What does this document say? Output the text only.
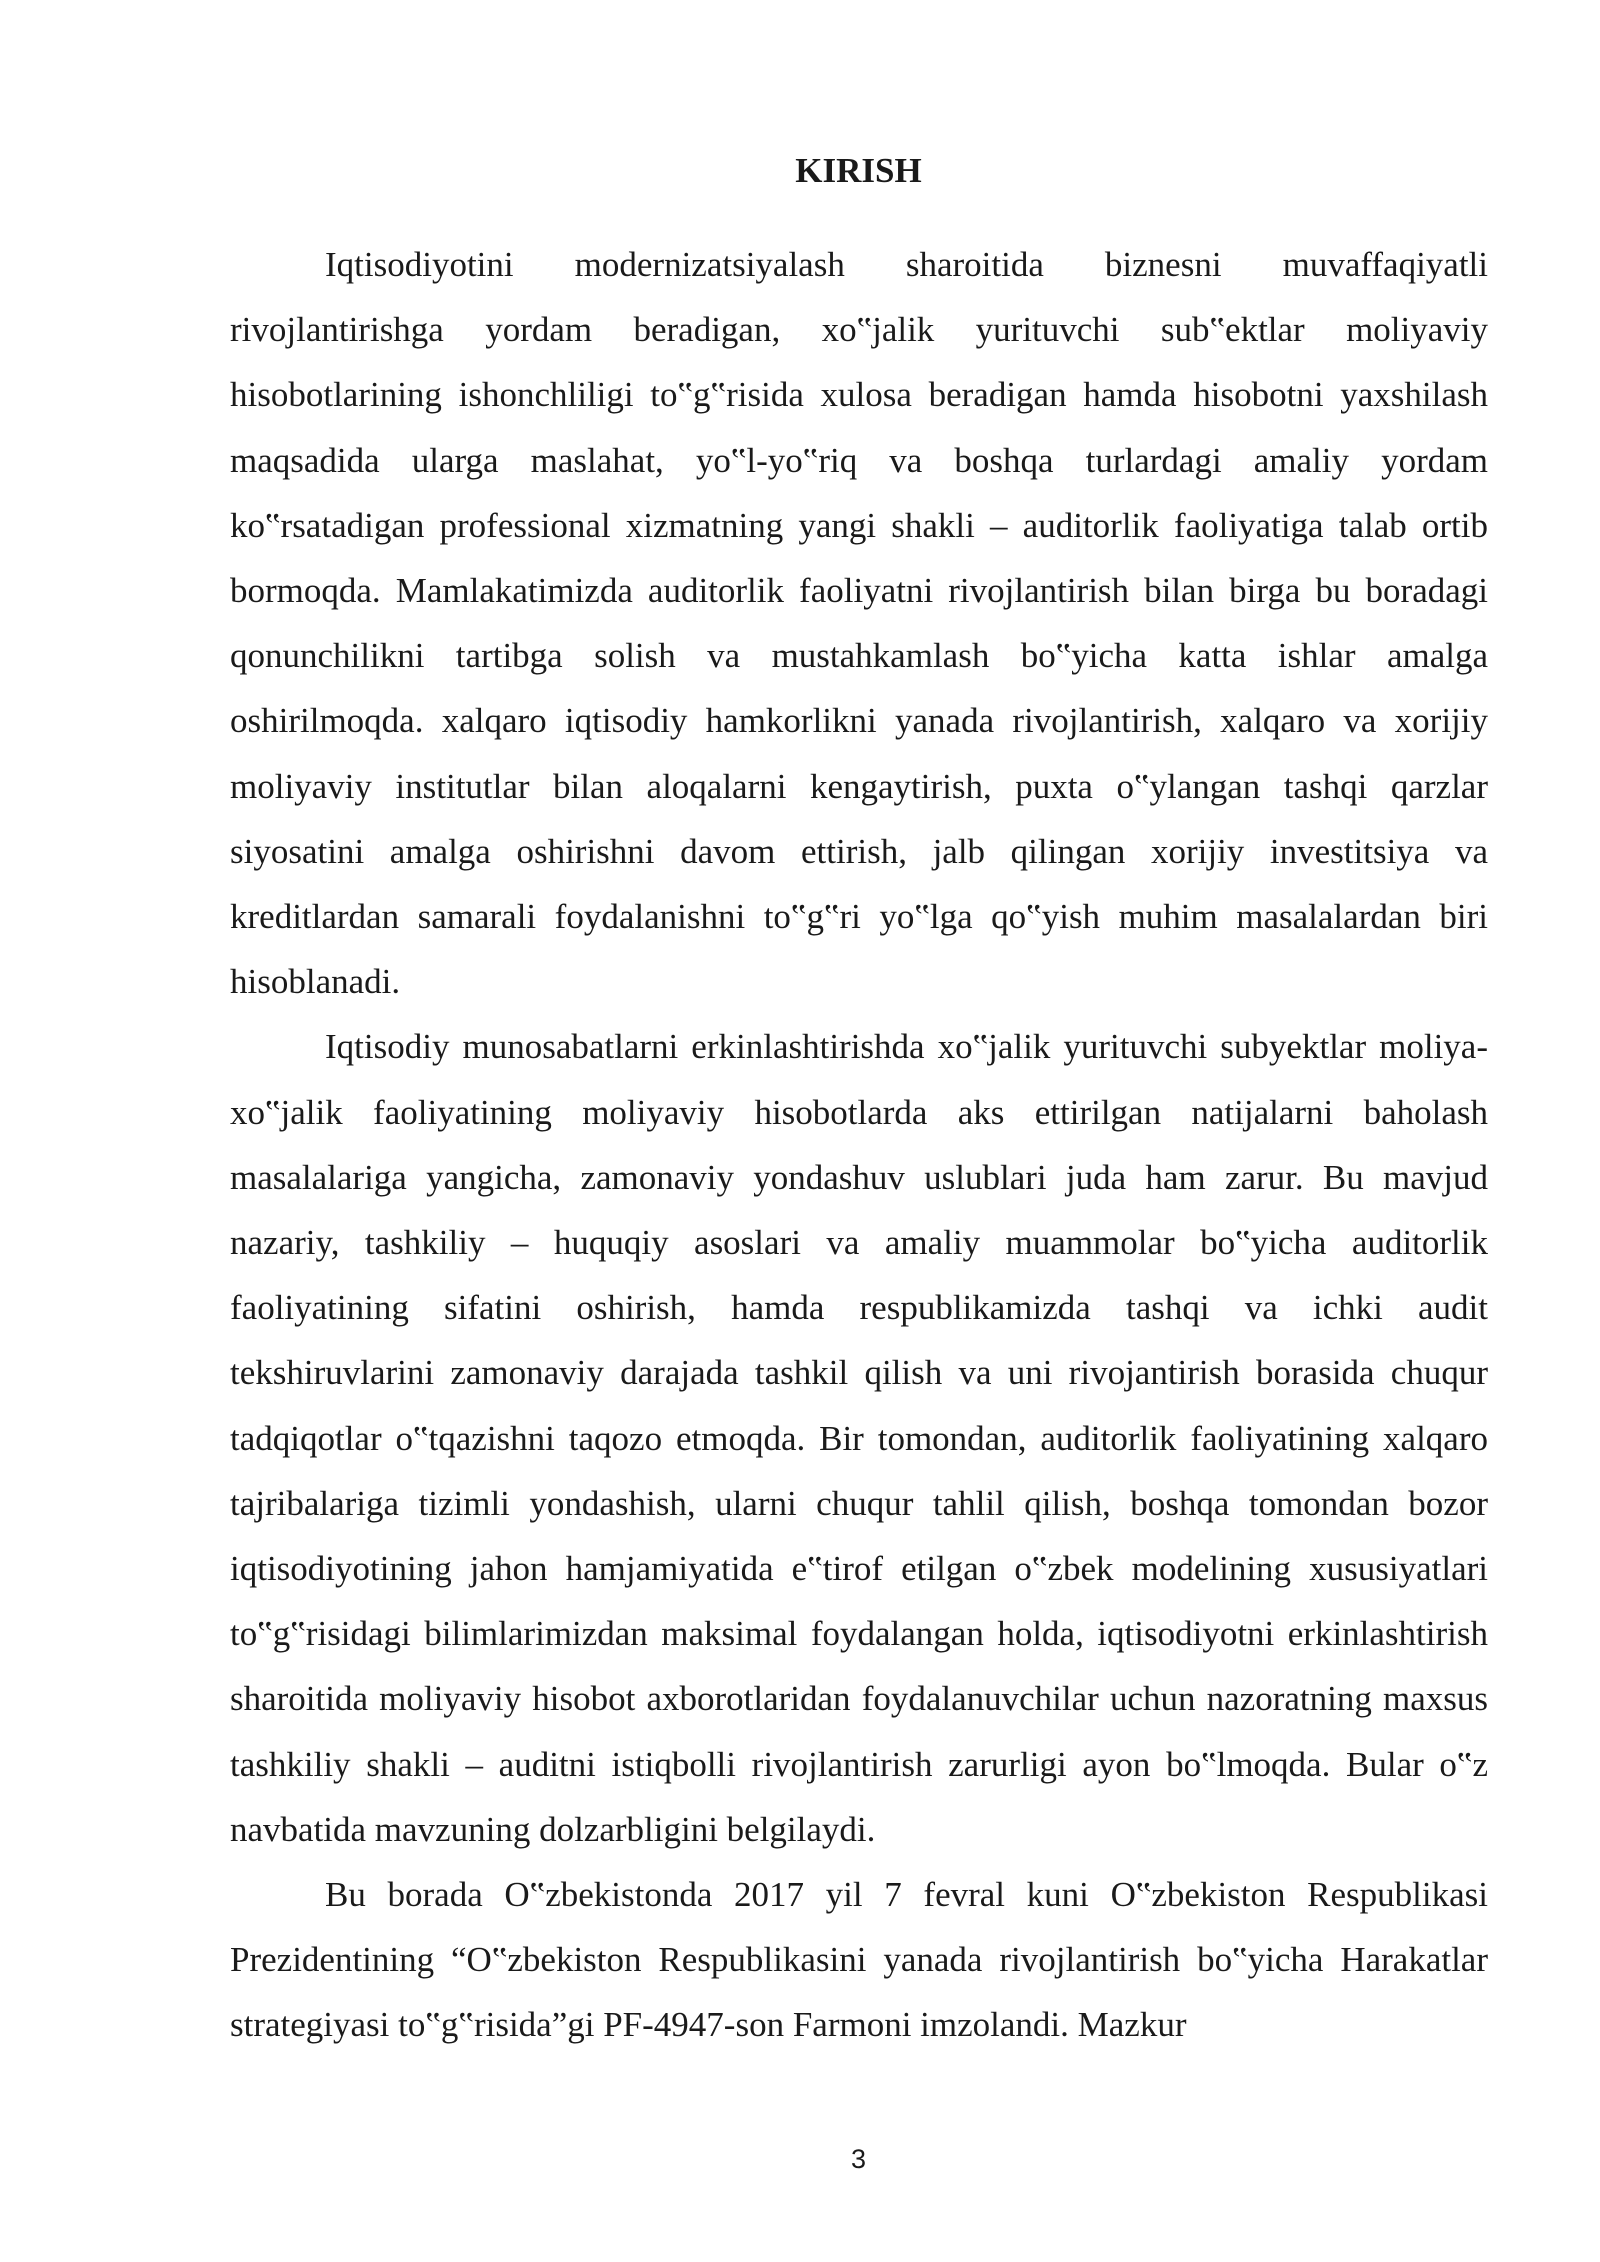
KIRISH

Iqtisodiyotini modernizatsiyalash sharoitida biznesni muvaffaqiyatli rivojlantirishga yordam beradigan, xo‟jalik yurituvchi sub‟ektlar moliyaviy hisobotlarining ishonchliligi to‟g‟risida xulosa beradigan hamda hisobotni yaxshilash maqsadida ularga maslahat, yo‟l-yo‟riq va boshqa turlardagi amaliy yordam ko‟rsatadigan professional xizmatning yangi shakli – auditorlik faoliyatiga talab ortib bormoqda. Mamlakatimizda auditorlik faoliyatni rivojlantirish bilan birga bu boradagi qonunchilikni tartibga solish va mustahkamlash bo‟yicha katta ishlar amalga oshirilmoqda. xalqaro iqtisodiy hamkorlikni yanada rivojlantirish, xalqaro va xorijiy moliyaviy institutlar bilan aloqalarni kengaytirish, puxta o‟ylangan tashqi qarzlar siyosatini amalga oshirishni davom ettirish, jalb qilingan xorijiy investitsiya va kreditlardan samarali foydalanishni to‟g‟ri yo‟lga qo‟yish muhim masalalardan biri hisoblanadi.

Iqtisodiy munosabatlarni erkinlashtirishda xo‟jalik yurituvchi subyektlar moliya-xo‟jalik faoliyatining moliyaviy hisobotlarda aks ettirilgan natijalarni baholash masalalariga yangicha, zamonaviy yondashuv uslublari juda ham zarur. Bu mavjud nazariy, tashkiliy – huquqiy asoslari va amaliy muammolar bo‟yicha auditorlik faoliyatining sifatini oshirish, hamda respublikamizda tashqi va ichki audit tekshiruvlarini zamonaviy darajada tashkil qilish va uni rivojantirish borasida chuqur tadqiqotlar o‟tqazishni taqozo etmoqda. Bir tomondan, auditorlik faoliyatining xalqaro tajribalariga tizimli yondashish, ularni chuqur tahlil qilish, boshqa tomondan bozor iqtisodiyotining jahon hamjamiyatida e‟tirof etilgan o‟zbek modelining xususiyatlari to‟g‟risidagi bilimlarimizdan maksimal foydalangan holda, iqtisodiyotni erkinlashtirish sharoitida moliyaviy hisobot axborotlaridan foydalanuvchilar uchun nazoratning maxsus tashkiliy shakli – auditni istiqbolli rivojlantirish zarurligi ayon bo‟lmoqda. Bular o‟z navbatida mavzuning dolzarbligini belgilaydi.

Bu borada O‟zbekistonda 2017 yil 7 fevral kuni O‟zbekiston Respublikasi Prezidentining “O‟zbekiston Respublikasini yanada rivojlantirish bo‟yicha Harakatlar strategiyasi to‟g‟risida”gi PF-4947-son Farmoni imzolandi. Mazkur

3
